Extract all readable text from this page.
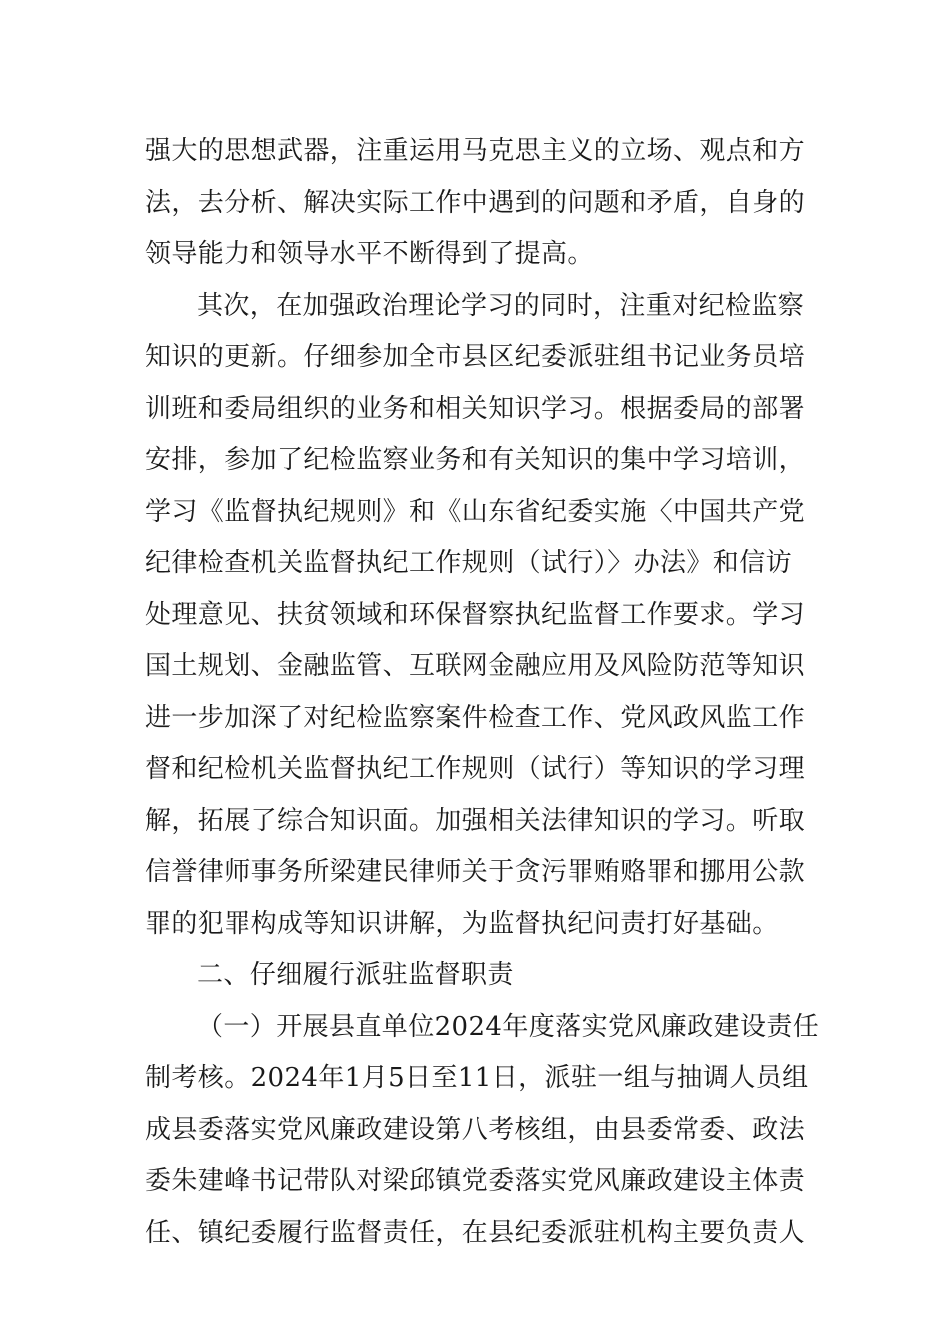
强大的思想武器，注重运用马克思主义的立场、观点和方
法，去分析、解决实际工作中遇到的问题和矛盾，自身的
领导能力和领导水平不断得到了提高。
其次，在加强政治理论学习的同时，注重对纪检监察
知识的更新。仔细参加全市县区纪委派驻组书记业务员培
训班和委局组织的业务和相关知识学习。根据委局的部署
安排，参加了纪检监察业务和有关知识的集中学习培训，
学习《监督执纪规则》和《山东省纪委实施〈中国共产党
纪律检查机关监督执纪工作规则（试行）〉办法》和信访
处理意见、扶贫领域和环保督察执纪监督工作要求。学习
国土规划、金融监管、互联网金融应用及风险防范等知识
进一步加深了对纪检监察案件检查工作、党风政风监工作
督和纪检机关监督执纪工作规则（试行）等知识的学习理
解，拓展了综合知识面。加强相关法律知识的学习。听取
信誉律师事务所梁建民律师关于贪污罪贿赂罪和挪用公款
罪的犯罪构成等知识讲解，为监督执纪问责打好基础。
二、仔细履行派驻监督职责
（一）开展县直单位2024年度落实党风廉政建设责任
制考核。2024年1月5日至11日，派驻一组与抽调人员组
成县委落实党风廉政建设第八考核组，由县委常委、政法
委朱建峰书记带队对梁邱镇党委落实党风廉政建设主体责
任、镇纪委履行监督责任，在县纪委派驻机构主要负责人
